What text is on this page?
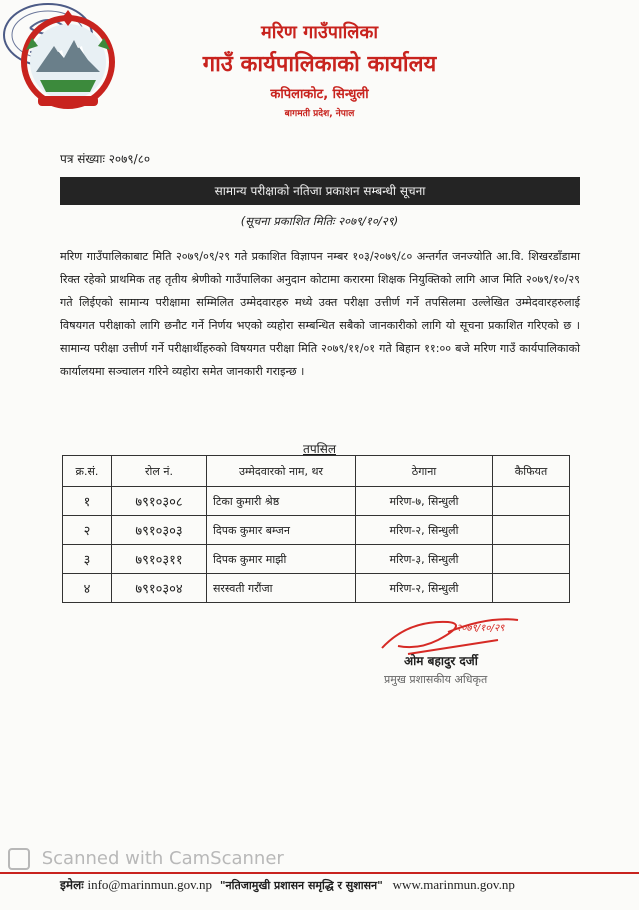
मरिण गाउँपालिका
गाउँ कार्यपालिकाको कार्यालय
कपिलाकोट, सिन्धुली
बागमती प्रदेश, नेपाल
पत्र संख्याः २०७९/८०
सामान्य परीक्षाको नतिजा प्रकाशन सम्बन्धी सूचना
(सूचना प्रकाशित मितिः २०७९/१०/२९)
मरिण गाउँपालिकाबाट मिति २०७९/०९/२९ गते प्रकाशित विज्ञापन नम्बर १०३/२०७९/८० अन्तर्गत जनज्योति आ.वि. शिखरडाँडामा रिक्त रहेको प्राथमिक तह तृतीय श्रेणीको गाउँपालिका अनुदान कोटामा करारमा शिक्षक नियुक्तिको लागि आज मिति २०७९/१०/२९ गते लिईएको सामान्य परीक्षामा सम्मिलित उम्मेदवारहरु मध्ये उक्त परीक्षा उत्तीर्ण गर्ने तपसिलमा उल्लेखित उम्मेदवारहरुलाई विषयगत परीक्षाको लागि छनौट गर्ने निर्णय भएको व्यहोरा सम्बन्धित सबैको जानकारीको लागि यो सूचना प्रकाशित गरिएको छ । सामान्य परीक्षा उत्तीर्ण गर्ने परीक्षार्थीहरुको विषयगत परीक्षा मिति २०७९/११/०१ गते बिहान ११:०० बजे मरिण गाउँ कार्यपालिकाको कार्यालयमा सञ्चालन गरिने व्यहोरा समेत जानकारी गराइन्छ ।
तपसिल
क्र.सं.	रोल नं.	उम्मेदवारको नाम, थर	ठेगाना	कैफियत
१	७९१०३०८	टिका कुमारी श्रेष्ठ	मरिण-७, सिन्धुली	
२	७९१०३०३	दिपक कुमार बम्जन	मरिण-२, सिन्धुली	
३	७९१०३११	दिपक कुमार माझी	मरिण-३, सिन्धुली	
४	७९१०३०४	सरस्वती गरौंजा	मरिण-२, सिन्धुली	
२०७९/१०/२९
ओम बहादुर दर्जी
प्रमुख प्रशासकीय अधिकृत
Scanned with CamScanner
इमेलः info@marinmun.gov.np "नतिजामुखी प्रशासन समृद्धि र सुशासन" www.marinmun.gov.np
